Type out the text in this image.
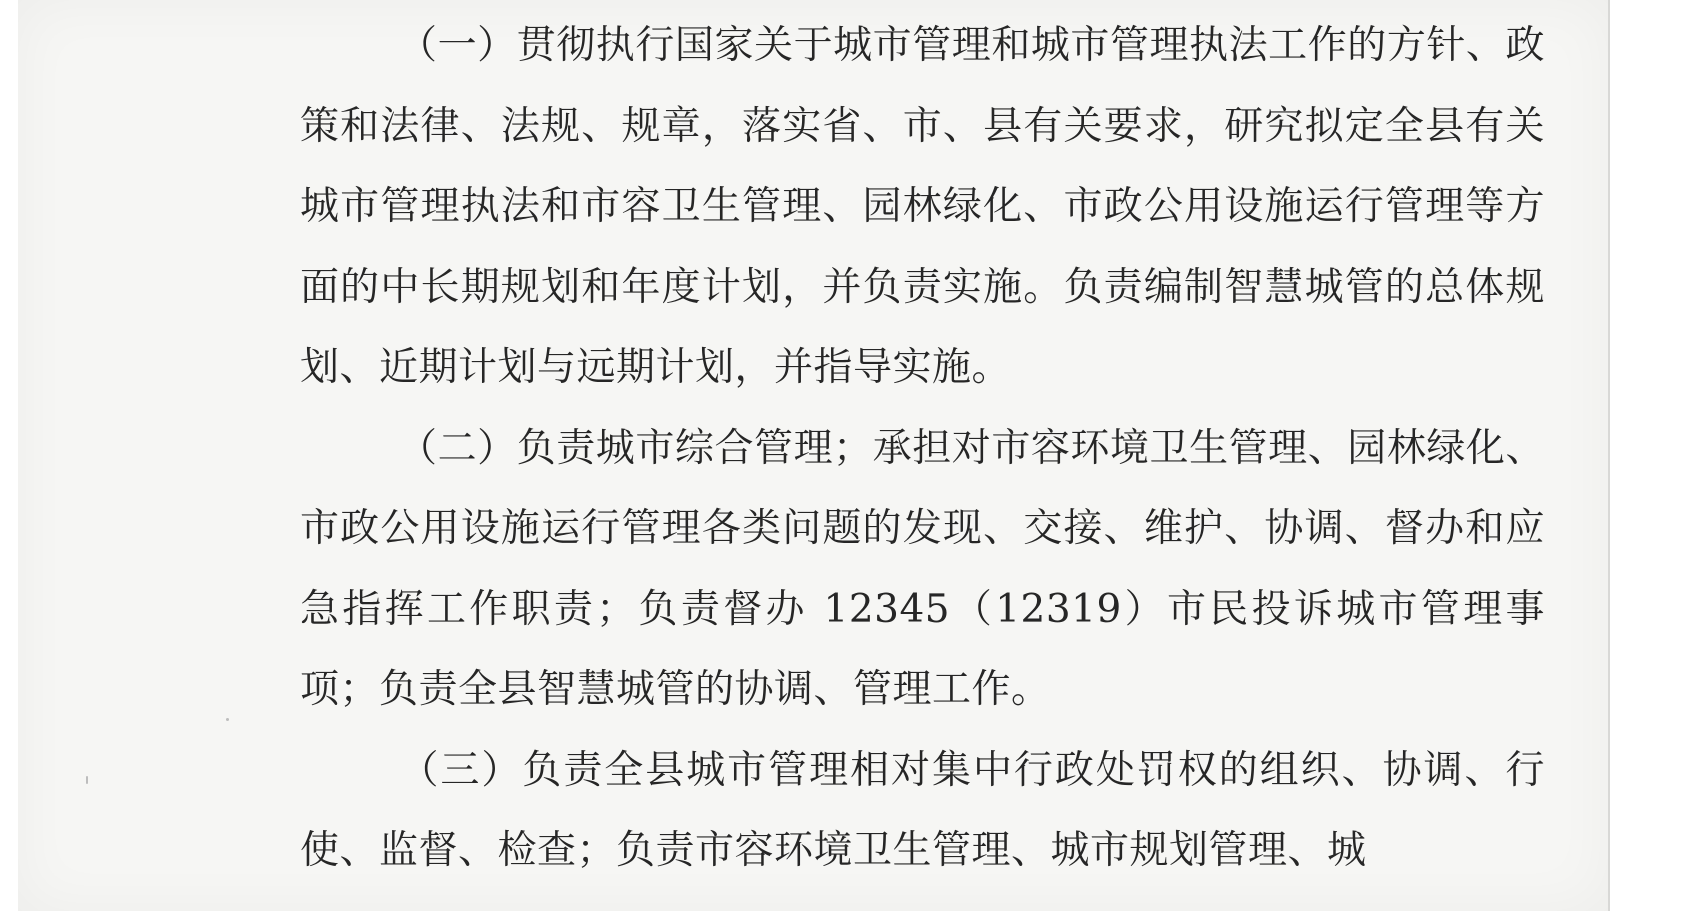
（一）贯彻执行国家关于城市管理和城市管理执法工作的方针、政策和法律、法规、规章，落实省、市、县有关要求，研究拟定全县有关城市管理执法和市容卫生管理、园林绿化、市政公用设施运行管理等方面的中长期规划和年度计划，并负责实施。负责编制智慧城管的总体规划、近期计划与远期计划，并指导实施。

（二）负责城市综合管理；承担对市容环境卫生管理、园林绿化、市政公用设施运行管理各类问题的发现、交接、维护、协调、督办和应急指挥工作职责；负责督办 12345（12319）市民投诉城市管理事项；负责全县智慧城管的协调、管理工作。

（三）负责全县城市管理相对集中行政处罚权的组织、协调、行使、监督、检查；负责市容环境卫生管理、城市规划管理、城
